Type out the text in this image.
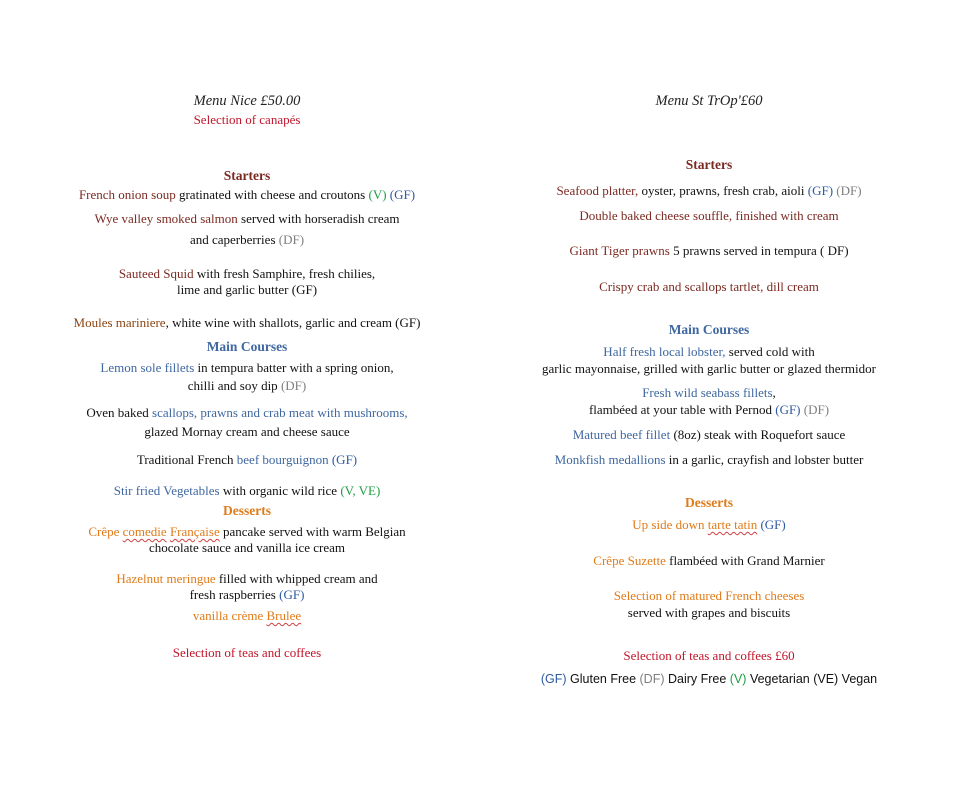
Menu Nice £50.00
Selection of canapés
Starters
French onion soup gratinated with cheese and croutons (V) (GF)
Wye valley smoked salmon served with horseradish cream
and caperberries (DF)
Sauteed Squid with fresh Samphire, fresh chilies,
lime and garlic butter (GF)
Moules mariniere, white wine with shallots, garlic and cream (GF)
Main Courses
Lemon sole fillets in tempura batter with a spring onion,
chilli and soy dip (DF)
Oven baked scallops, prawns and crab meat with mushrooms,
glazed Mornay cream and cheese sauce
Traditional French beef bourguignon (GF)
Stir fried Vegetables with organic wild rice (V, VE)
Desserts
Crêpe comedie Française pancake served with warm Belgian
chocolate sauce and vanilla ice cream
Hazelnut meringue filled with whipped cream and
fresh raspberries (GF)
vanilla crème Brulee
Selection of teas and coffees
Menu St TrOp'£60
Starters
Seafood platter, oyster, prawns, fresh crab, aioli (GF) (DF)
Double baked cheese souffle, finished with cream
Giant Tiger prawns 5 prawns served in tempura ( DF)
Crispy crab and scallops tartlet, dill cream
Main Courses
Half fresh local lobster, served cold with
garlic mayonnaise, grilled with garlic butter or glazed thermidor
Fresh wild seabass fillets,
flambéed at your table with Pernod (GF) (DF)
Matured beef fillet (8oz) steak with Roquefort sauce
Monkfish medallions in a garlic, crayfish and lobster butter
Desserts
Up side down tarte tatin (GF)
Crêpe Suzette flambéed with Grand Marnier
Selection of matured French cheeses
served with grapes and biscuits
Selection of teas and coffees £60
(GF) Gluten Free (DF) Dairy Free (V) Vegetarian (VE) Vegan
